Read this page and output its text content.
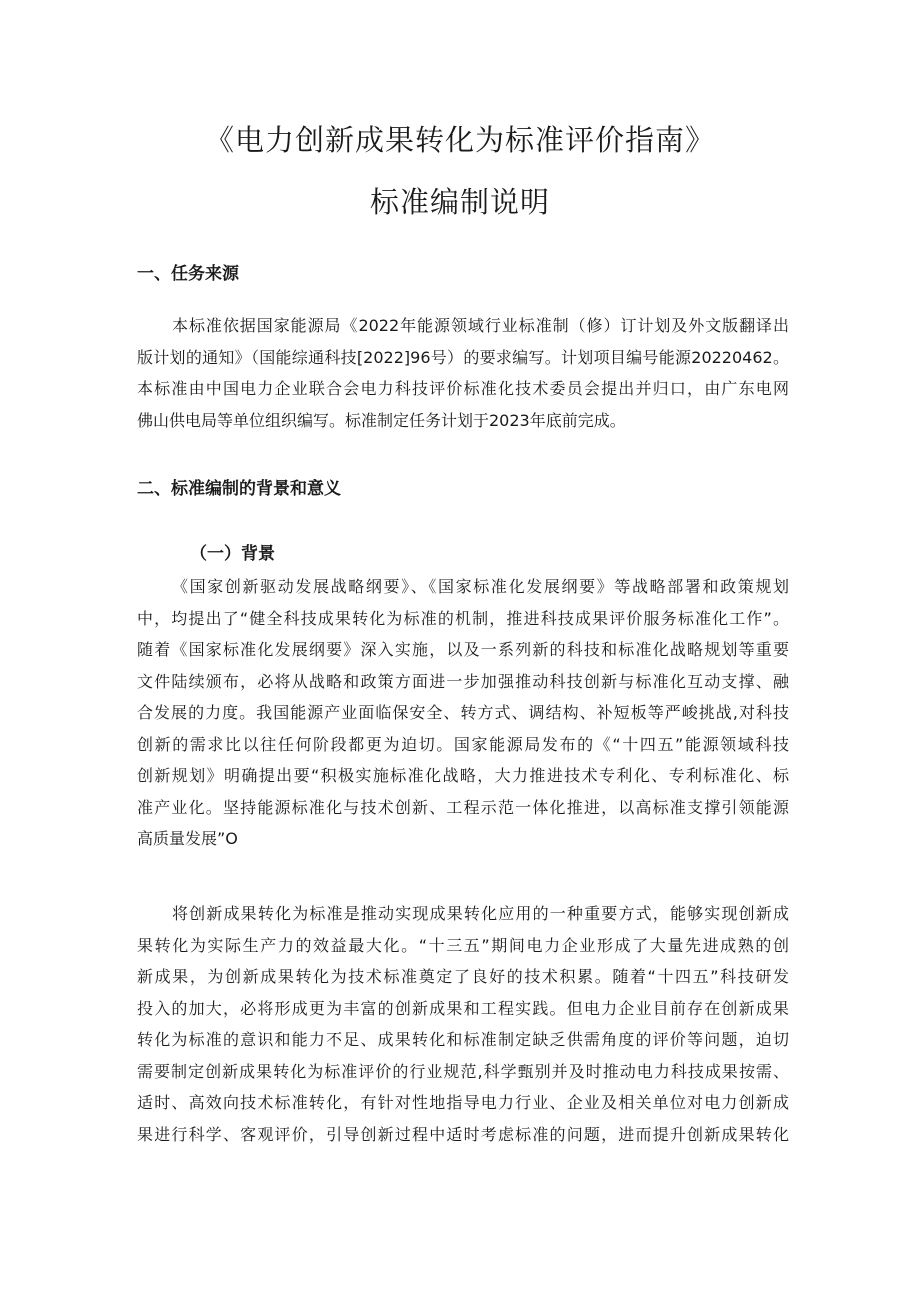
《电力创新成果转化为标准评价指南》
标准编制说明
一、任务来源
本标准依据国家能源局《2022年能源领域行业标准制（修）订计划及外文版翻译出
版计划的通知》（国能综通科技[2022]96号）的要求编写。计划项目编号能源20220462。
本标准由中国电力企业联合会电力科技评价标准化技术委员会提出并归口，由广东电网
佛山供电局等单位组织编写。标准制定任务计划于2023年底前完成。
二、标准编制的背景和意义
（一）背景
《国家创新驱动发展战略纲要》、《国家标准化发展纲要》等战略部署和政策规划
中，均提出了“健全科技成果转化为标准的机制，推进科技成果评价服务标准化工作”。
随着《国家标准化发展纲要》深入实施，以及一系列新的科技和标准化战略规划等重要
文件陆续颁布，必将从战略和政策方面进一步加强推动科技创新与标准化互动支撑、融
合发展的力度。我国能源产业面临保安全、转方式、调结构、补短板等严峻挑战,对科技
创新的需求比以往任何阶段都更为迫切。国家能源局发布的《“十四五”能源领域科技
创新规划》明确提出要“积极实施标准化战略，大力推进技术专利化、专利标准化、标
准产业化。坚持能源标准化与技术创新、工程示范一体化推进，以高标准支撑引领能源
高质量发展”O
将创新成果转化为标准是推动实现成果转化应用的一种重要方式，能够实现创新成
果转化为实际生产力的效益最大化。“十三五”期间电力企业形成了大量先进成熟的创
新成果，为创新成果转化为技术标准奠定了良好的技术积累。随着“十四五”科技研发
投入的加大，必将形成更为丰富的创新成果和工程实践。但电力企业目前存在创新成果
转化为标准的意识和能力不足、成果转化和标准制定缺乏供需角度的评价等问题，迫切
需要制定创新成果转化为标准评价的行业规范,科学甄别并及时推动电力科技成果按需、
适时、高效向技术标准转化，有针对性地指导电力行业、企业及相关单位对电力创新成
果进行科学、客观评价，引导创新过程中适时考虑标准的问题，进而提升创新成果转化
